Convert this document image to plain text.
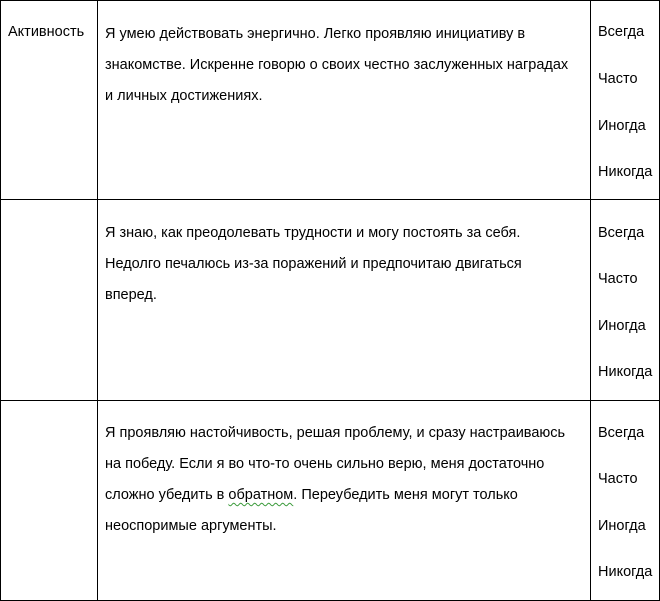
Активность Я умею действовать энергично. Легко проявляю инициативу в
знакомстве. Искренне говорю о своих честно заслуженных наградах
и личных достижениях.
Всегда
Часто
Иногда
Никогда
Я знаю, как преодолевать трудности и могу постоять за себя.
Недолго печалюсь из-за поражений и предпочитаю двигаться
вперед.
Всегда
Часто
Иногда
Никогда
Я проявляю настойчивость, решая проблему, и сразу настраиваюсь
на победу. Если я во что-то очень сильно верю, меня достаточно
сложно убедить в обратном. Переубедить меня могут только
неоспоримые аргументы.
Всегда
Часто
Иногда
Никогда
